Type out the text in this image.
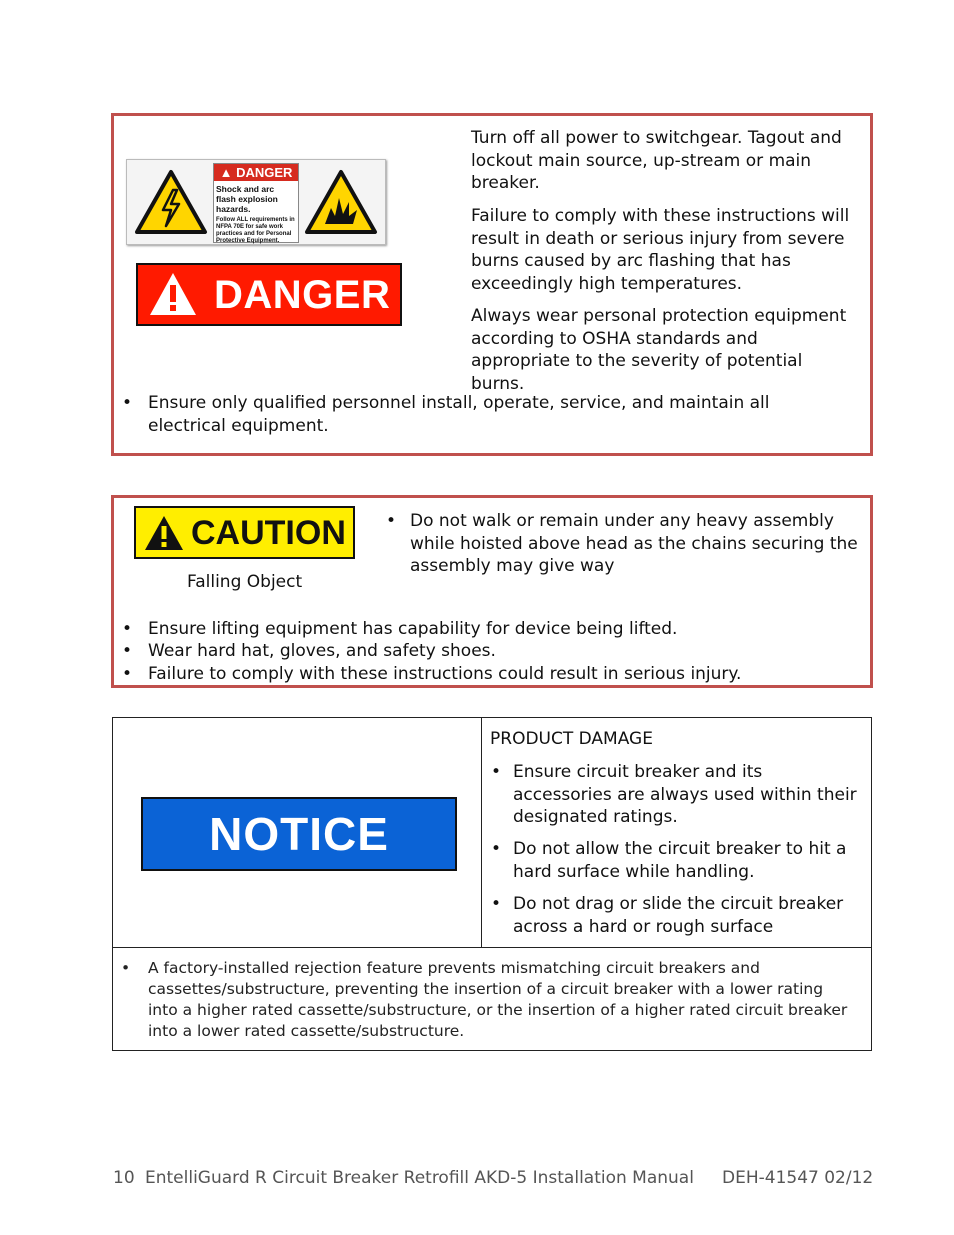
▲ DANGER
Shock and arc flash explosion hazards.
Follow ALL requirements in NFPA 70E for safe work practices and for Personal Protective Equipment.
DANGER

Turn off all power to switchgear. Tagout and lockout main source, up-stream or main breaker.

Failure to comply with these instructions will result in death or serious injury from severe burns caused by arc flashing that has exceedingly high temperatures.

Always wear personal protection equipment according to OSHA standards and appropriate to the severity of potential burns.

• Ensure only qualified personnel install, operate, service, and maintain all electrical equipment.

CAUTION

Falling Object

• Do not walk or remain under any heavy assembly while hoisted above head as the chains securing the assembly may give way

• Ensure lifting equipment has capability for device being lifted.

• Wear hard hat, gloves, and safety shoes.

• Failure to comply with these instructions could result in serious injury.

NOTICE

PRODUCT DAMAGE

• Ensure circuit breaker and its accessories are always used within their designated ratings.

• Do not allow the circuit breaker to hit a hard surface while handling.

• Do not drag or slide the circuit breaker across a hard or rough surface

• A factory-installed rejection feature prevents mismatching circuit breakers and cassettes/substructure, preventing the insertion of a circuit breaker with a lower rating into a higher rated cassette/substructure, or the insertion of a higher rated circuit breaker into a lower rated cassette/substructure.

10 EntelliGuard R Circuit Breaker Retrofill AKD-5 Installation Manual DEH-41547 02/12
